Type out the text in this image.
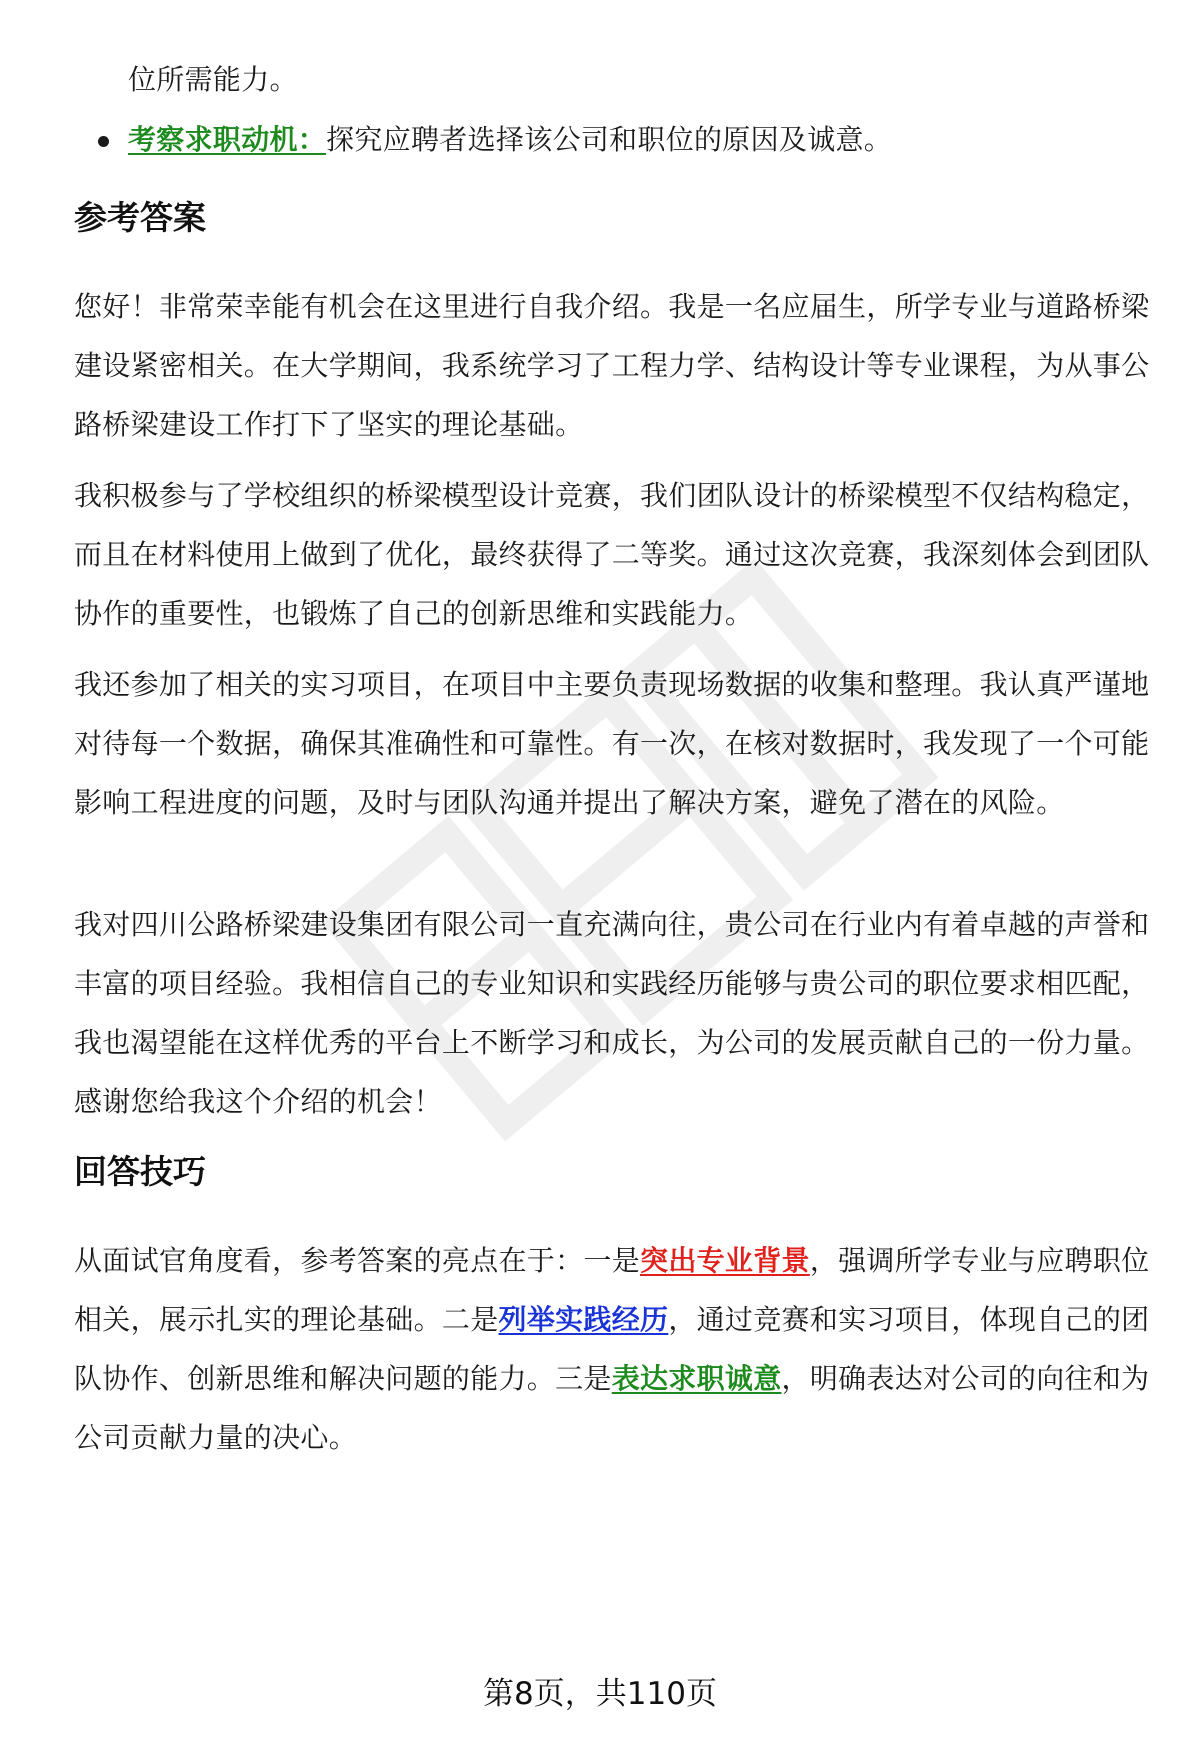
位所需能力。
考察求职动机：探究应聘者选择该公司和职位的原因及诚意。
参考答案
您好！非常荣幸能有机会在这里进行自我介绍。我是一名应届生，所学专业与道路桥梁建设紧密相关。在大学期间，我系统学习了工程力学、结构设计等专业课程，为从事公路桥梁建设工作打下了坚实的理论基础。
我积极参与了学校组织的桥梁模型设计竞赛，我们团队设计的桥梁模型不仅结构稳定，而且在材料使用上做到了优化，最终获得了二等奖。通过这次竞赛，我深刻体会到团队协作的重要性，也锻炼了自己的创新思维和实践能力。
我还参加了相关的实习项目，在项目中主要负责现场数据的收集和整理。我认真严谨地对待每一个数据，确保其准确性和可靠性。有一次，在核对数据时，我发现了一个可能影响工程进度的问题，及时与团队沟通并提出了解决方案，避免了潜在的风险。
我对四川公路桥梁建设集团有限公司一直充满向往，贵公司在行业内有着卓越的声誉和丰富的项目经验。我相信自己的专业知识和实践经历能够与贵公司的职位要求相匹配，我也渴望能在这样优秀的平台上不断学习和成长，为公司的发展贡献自己的一份力量。感谢您给我这个介绍的机会！
回答技巧
从面试官角度看，参考答案的亮点在于：一是突出专业背景，强调所学专业与应聘职位相关，展示扎实的理论基础。二是列举实践经历，通过竞赛和实习项目，体现自己的团队协作、创新思维和解决问题的能力。三是表达求职诚意，明确表达对公司的向往和为公司贡献力量的决心。
第8页，共110页
